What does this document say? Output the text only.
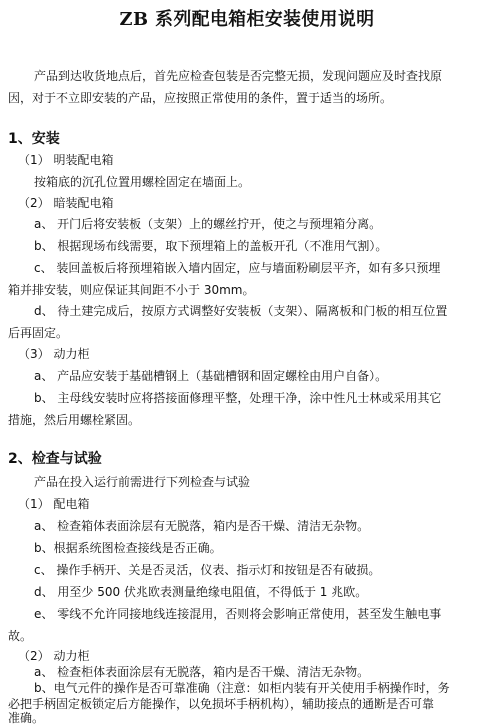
ZB 系列配电箱柜安装使用说明
产品到达收货地点后，首先应检查包装是否完整无损，发现问题应及时查找原
因，对于不立即安装的产品，应按照正常使用的条件，置于适当的场所。
1、安装
（1） 明装配电箱
按箱底的沉孔位置用螺栓固定在墙面上。
（2） 暗装配电箱
a、 开门后将安装板（支架）上的螺丝拧开，使之与预埋箱分离。
b、 根据现场布线需要，取下预埋箱上的盖板开孔（不准用气割）。
c、 装回盖板后将预埋箱嵌入墙内固定，应与墙面粉刷层平齐，如有多只预埋
箱并排安装，则应保证其间距不小于 30mm。
d、 待土建完成后，按原方式调整好安装板（支架）、隔离板和门板的相互位置
后再固定。
（3） 动力柜
a、 产品应安装于基础槽钢上（基础槽钢和固定螺栓由用户自备）。
b、 主母线安装时应将搭接面修理平整，处理干净，涂中性凡士林或采用其它
措施，然后用螺栓紧固。
2、检查与试验
产品在投入运行前需进行下列检查与试验
（1） 配电箱
a、 检查箱体表面涂层有无脱落，箱内是否干燥、清洁无杂物。
b、根据系统图检查接线是否正确。
c、 操作手柄开、关是否灵活，仪表、指示灯和按钮是否有破损。
d、 用至少 500 伏兆欧表测量绝缘电阻值，不得低于 1 兆欧。
e、 零线不允许同接地线连接混用，否则将会影响正常使用，甚至发生触电事
故。
（2） 动力柜
a、 检查柜体表面涂层有无脱落，箱内是否干燥、清洁无杂物。
b、电气元件的操作是否可靠准确（注意：如柜内装有开关使用手柄操作时，务
必把手柄固定板锁定后方能操作，以免损坏手柄机构），辅助接点的通断是否可靠
准确。
